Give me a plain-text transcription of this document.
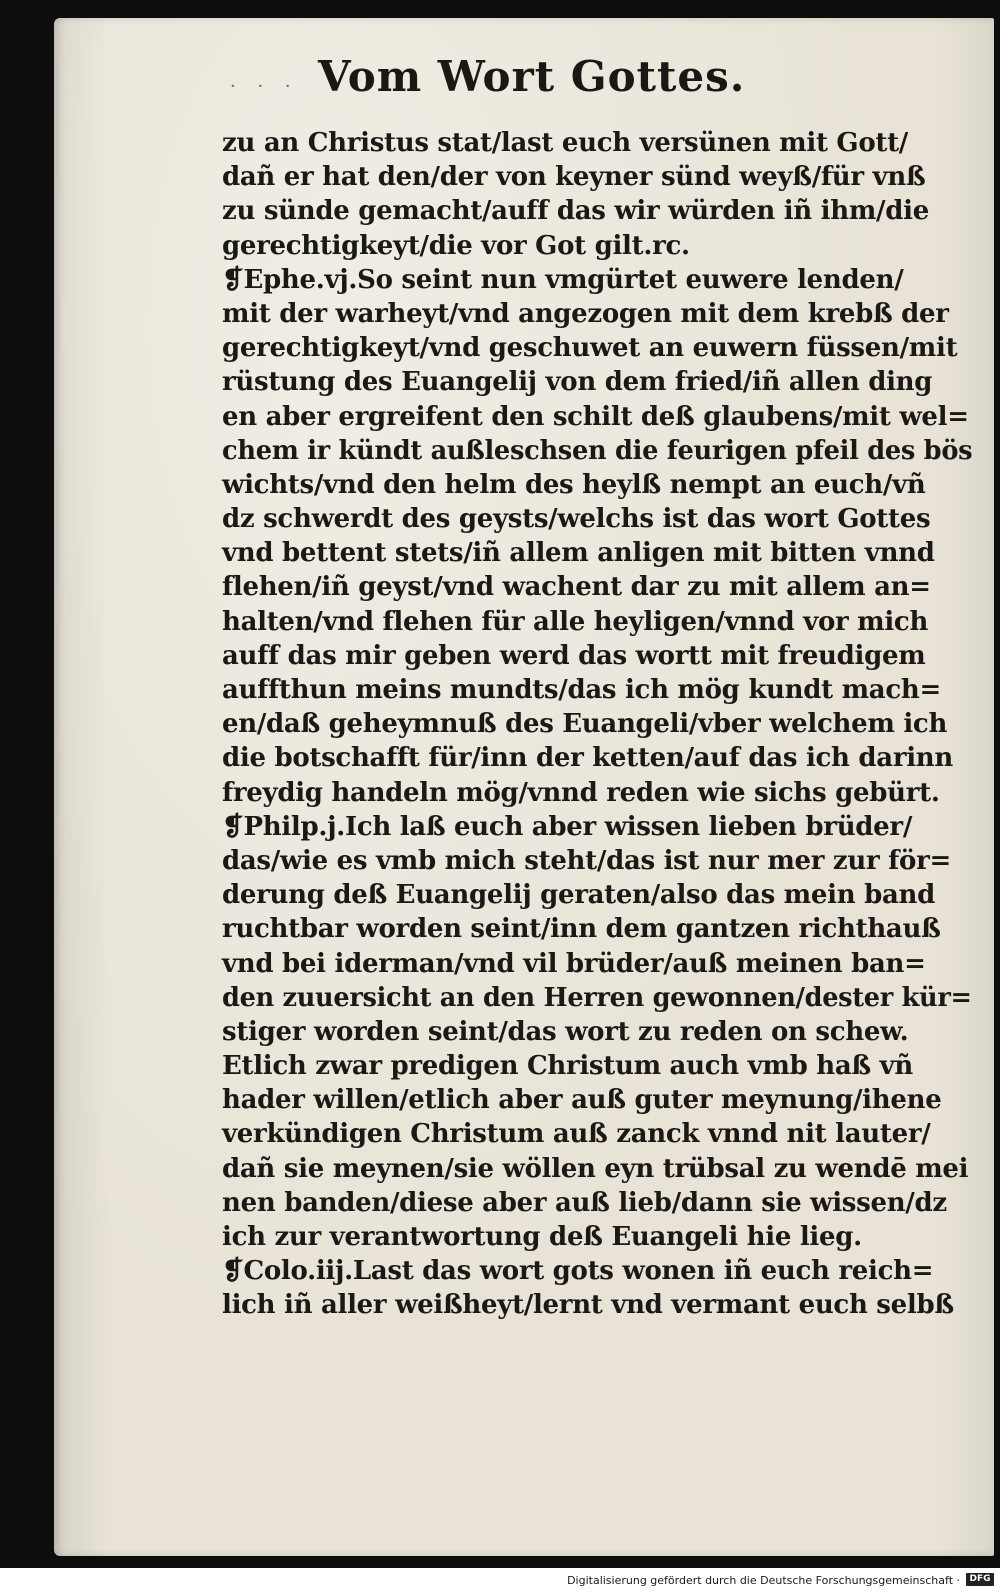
· · · Vom Wort Gottes.
zu an Christus stat/last euch versünen mit Gott/
dañ er hat den/der von keyner sünd weyß/für vnß
zu sünde gemacht/auff das wir würden iñ ihm/die
gerechtigkeyt/die vor Got gilt.rc.
❡Ephe.vj.So seint nun vmgürtet euwere lenden/
mit der warheyt/vnd angezogen mit dem krebß der
gerechtigkeyt/vnd geschuwet an euwern füssen/mit
rüstung des Euangelij von dem fried/iñ allen ding
en aber ergreifent den schilt deß glaubens/mit wel=
chem ir kündt außleschsen die feurigen pfeil des bös
wichts/vnd den helm des heylß nempt an euch/vñ
dz schwerdt des geysts/welchs ist das wort Gottes
vnd bettent stets/iñ allem anligen mit bitten vnnd
flehen/iñ geyst/vnd wachent dar zu mit allem an=
halten/vnd flehen für alle heyligen/vnnd vor mich
auff das mir geben werd das wortt mit freudigem
auffthun meins mundts/das ich mög kundt mach=
en/daß geheymnuß des Euangeli/vber welchem ich
die botschafft für/inn der ketten/auf das ich darinn
freydig handeln mög/vnnd reden wie sichs gebürt.
❡Philp.j.Ich laß euch aber wissen lieben brüder/
das/wie es vmb mich steht/das ist nur mer zur för=
derung deß Euangelij geraten/also das mein band
ruchtbar worden seint/inn dem gantzen richthauß
vnd bei iderman/vnd vil brüder/auß meinen ban=
den zuuersicht an den Herren gewonnen/dester kür=
stiger worden seint/das wort zu reden on schew.
Etlich zwar predigen Christum auch vmb haß vñ
hader willen/etlich aber auß guter meynung/ihene
verkündigen Christum auß zanck vnnd nit lauter/
dañ sie meynen/sie wöllen eyn trübsal zu wendē mei
nen banden/diese aber auß lieb/dann sie wissen/dz
ich zur verantwortung deß Euangeli hie lieg.
❡Colo.iij.Last das wort gots wonen iñ euch reich=
lich iñ aller weißheyt/lernt vnd vermant euch selbß
Digitalisierung gefördert durch die Deutsche Forschungsgemeinschaft ·	DFG
